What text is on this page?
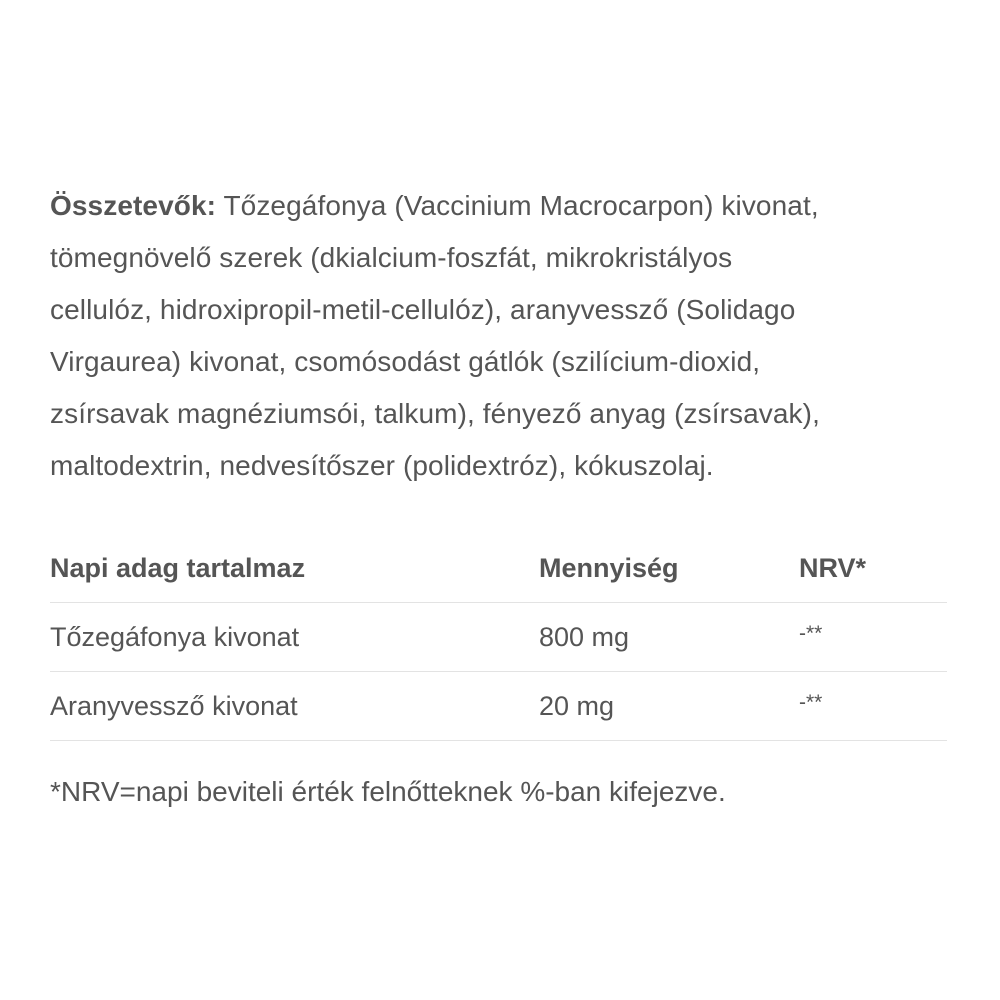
Összetevők: Tőzegáfonya (Vaccinium Macrocarpon) kivonat,
tömegnövelő szerek (dkialcium-foszfát, mikrokristályos
cellulóz, hidroxipropil-metil-cellulóz), aranyvessző (Solidago
Virgaurea) kivonat, csomósodást gátlók (szilícium-dioxid,
zsírsavak magnéziumsói, talkum), fényező anyag (zsírsavak),
maltodextrin, nedvesítőszer (polidextróz), kókuszolaj.

Napi adag tartalmaz	Mennyiség	NRV*
Tőzegáfonya kivonat	800 mg	-**
Aranyvessző kivonat	20 mg	-**

*NRV=napi beviteli érték felnőtteknek %-ban kifejezve.
